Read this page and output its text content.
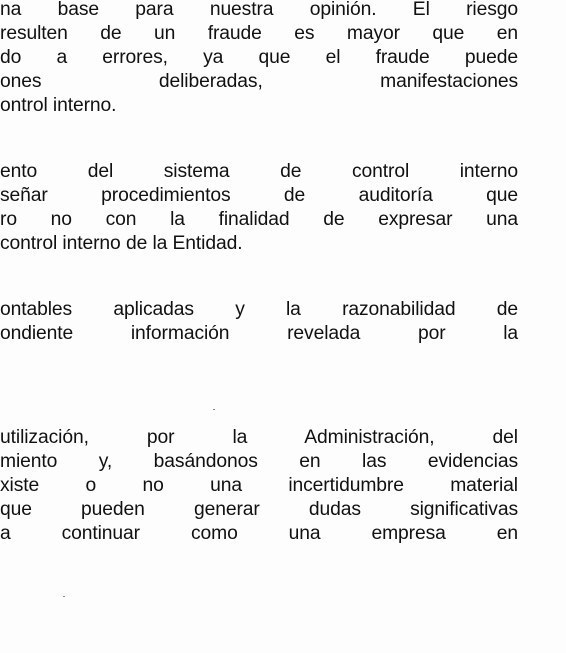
na base para nuestra opinión. El riesgo
resulten de un fraude es mayor que en
do a errores, ya que el fraude puede
ones deliberadas, manifestaciones
ontrol interno.
ento del sistema de control interno
señar procedimientos de auditoría que
ro no con la finalidad de expresar una
control interno de la Entidad.
ontables aplicadas y la razonabilidad de
ondiente información revelada por la
utilización, por la Administración, del
miento y, basándonos en las evidencias
xiste o no una incertidumbre material
que pueden generar dudas significativas
a continuar como una empresa en
